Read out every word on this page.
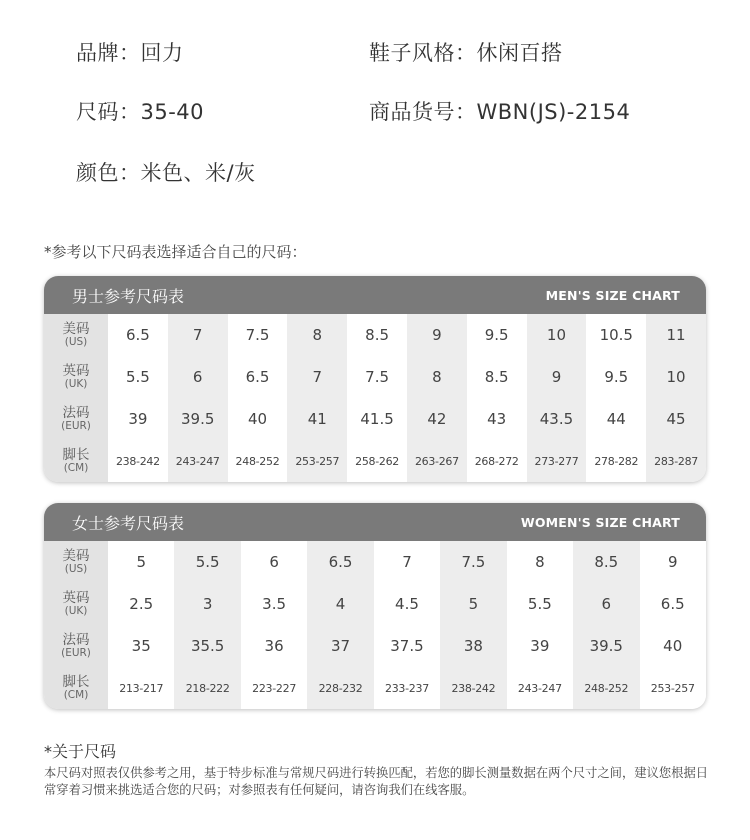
品牌：回力	鞋子风格：休闲百搭
尺码：35-40	商品货号：WBN(JS)-2154
颜色：米色、米/灰
*参考以下尺码表选择适合自己的尺码：
男士参考尺码表	MEN'S SIZE CHART
美码
(US)	6.5	7	7.5	8	8.5	9	9.5	10	10.5	11
英码
(UK)	5.5	6	6.5	7	7.5	8	8.5	9	9.5	10
法码
(EUR)	39	39.5	40	41	41.5	42	43	43.5	44	45
脚长
(CM)
238-242	243-247	248-252	253-257	258-262	263-267	268-272	273-277	278-282	283-287
女士参考尺码表	WOMEN'S SIZE CHART
美码
(US)	5	5.5	6	6.5	7	7.5	8	8.5	9
英码
(UK)	2.5	3	3.5	4	4.5	5	5.5	6	6.5
法码
(EUR)	35	35.5	36	37	37.5	38	39	39.5	40
脚长
(CM)
213-217	218-222	223-227	228-232	233-237	238-242	243-247	248-252	253-257
*关于尺码
本尺码对照表仅供参考之用，基于特步标准与常规尺码进行转换匹配，若您的脚长测量数据在两个尺寸之间，建议您根据日常穿着习惯来挑选适合您的尺码；对参照表有任何疑问，请咨询我们在线客服。
